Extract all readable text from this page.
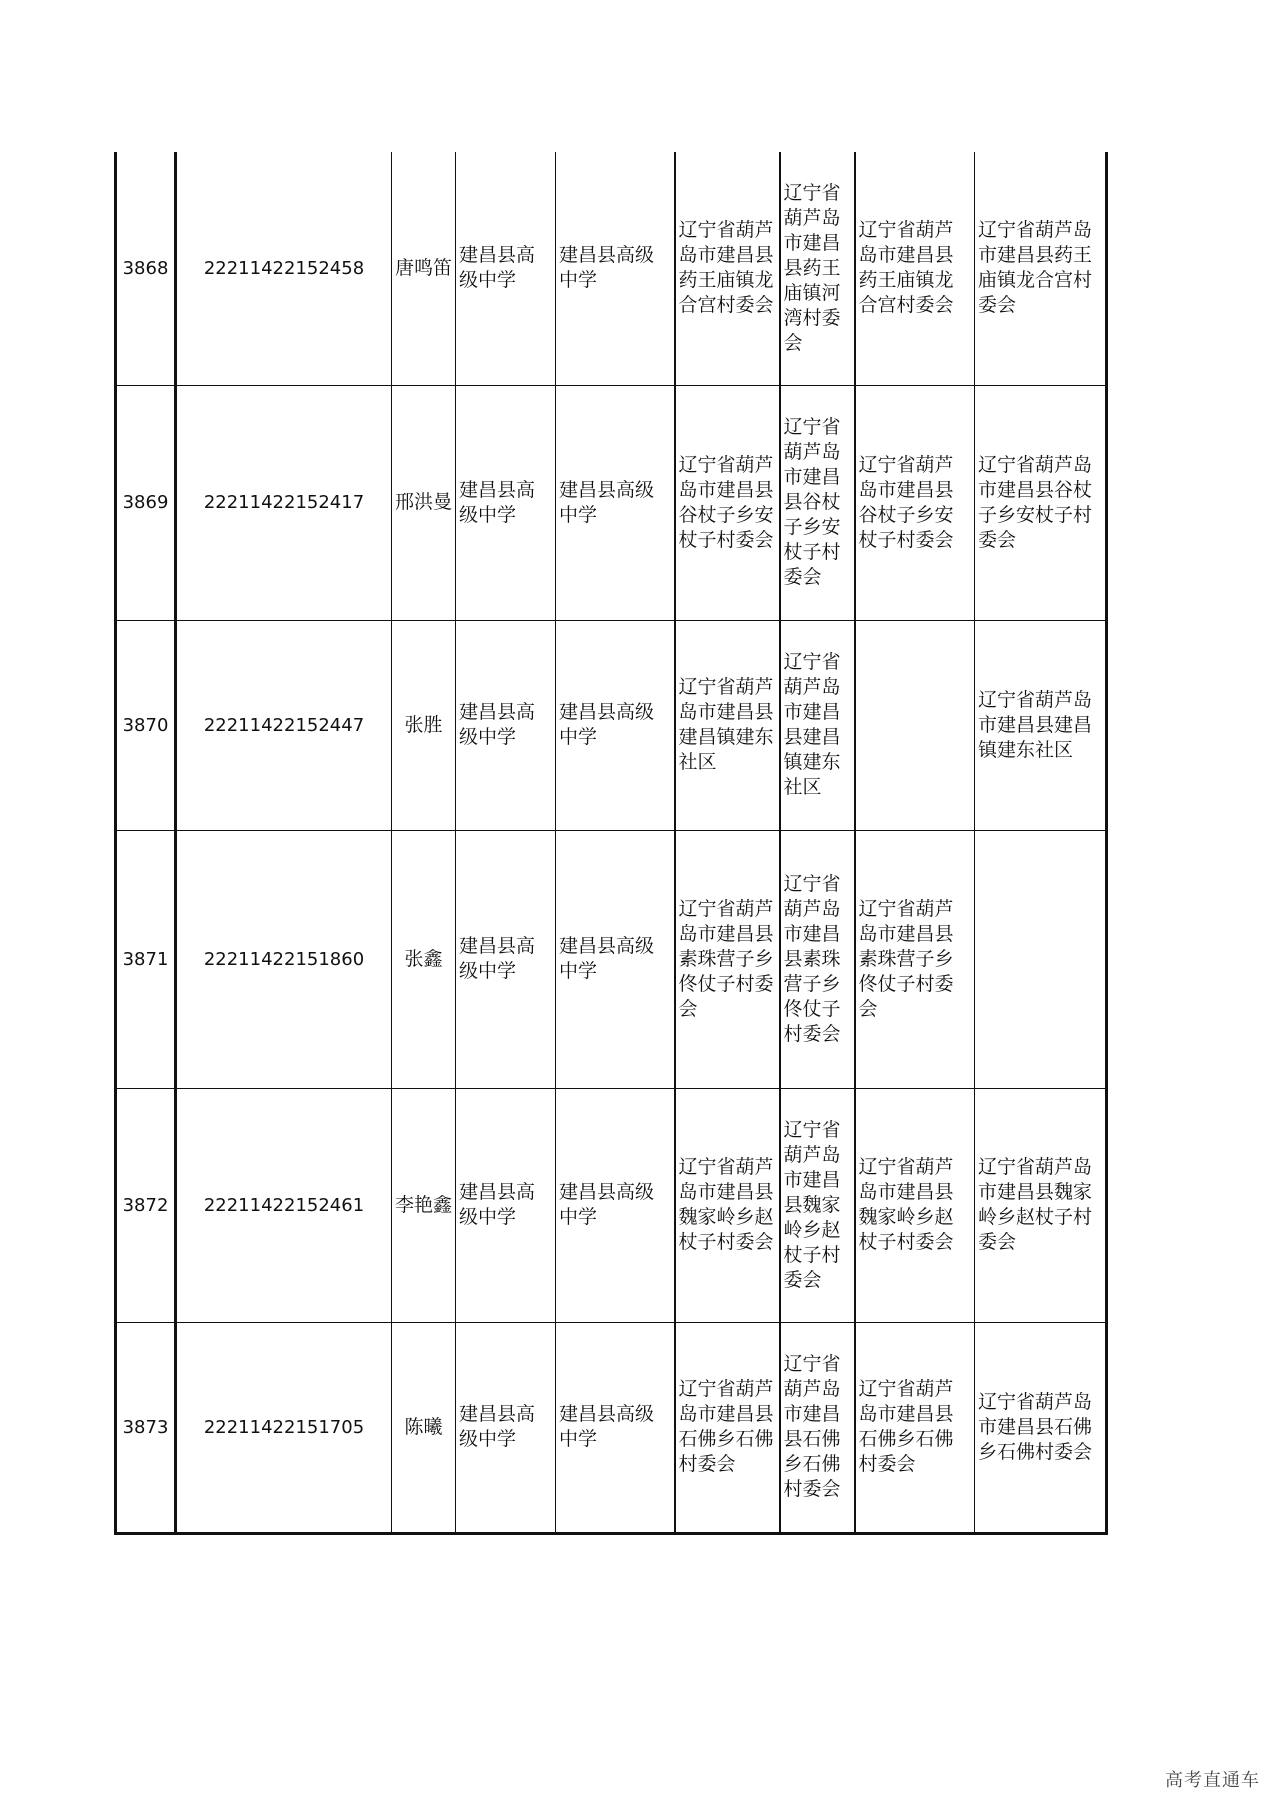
3868	22211422152458	唐鸣笛	建昌县高级中学	建昌县高级中学	辽宁省葫芦岛市建昌县药王庙镇龙合宫村委会	辽宁省葫芦岛市建昌县药王庙镇河湾村委会	辽宁省葫芦岛市建昌县药王庙镇龙合宫村委会	辽宁省葫芦岛市建昌县药王庙镇龙合宫村委会
3869	22211422152417	邢洪曼	建昌县高级中学	建昌县高级中学	辽宁省葫芦岛市建昌县谷杖子乡安杖子村委会	辽宁省葫芦岛市建昌县谷杖子乡安杖子村委会	辽宁省葫芦岛市建昌县谷杖子乡安杖子村委会	辽宁省葫芦岛市建昌县谷杖子乡安杖子村委会
3870	22211422152447	张胜	建昌县高级中学	建昌县高级中学	辽宁省葫芦岛市建昌县建昌镇建东社区	辽宁省葫芦岛市建昌县建昌镇建东社区		辽宁省葫芦岛市建昌县建昌镇建东社区
3871	22211422151860	张鑫	建昌县高级中学	建昌县高级中学	辽宁省葫芦岛市建昌县素珠营子乡佟仗子村委会	辽宁省葫芦岛市建昌县素珠营子乡佟仗子村委会	辽宁省葫芦岛市建昌县素珠营子乡佟仗子村委会	
3872	22211422152461	李艳鑫	建昌县高级中学	建昌县高级中学	辽宁省葫芦岛市建昌县魏家岭乡赵杖子村委会	辽宁省葫芦岛市建昌县魏家岭乡赵杖子村委会	辽宁省葫芦岛市建昌县魏家岭乡赵杖子村委会	辽宁省葫芦岛市建昌县魏家岭乡赵杖子村委会
3873	22211422151705	陈曦	建昌县高级中学	建昌县高级中学	辽宁省葫芦岛市建昌县石佛乡石佛村委会	辽宁省葫芦岛市建昌县石佛乡石佛村委会	辽宁省葫芦岛市建昌县石佛乡石佛村委会	辽宁省葫芦岛市建昌县石佛乡石佛村委会
高考直通车
